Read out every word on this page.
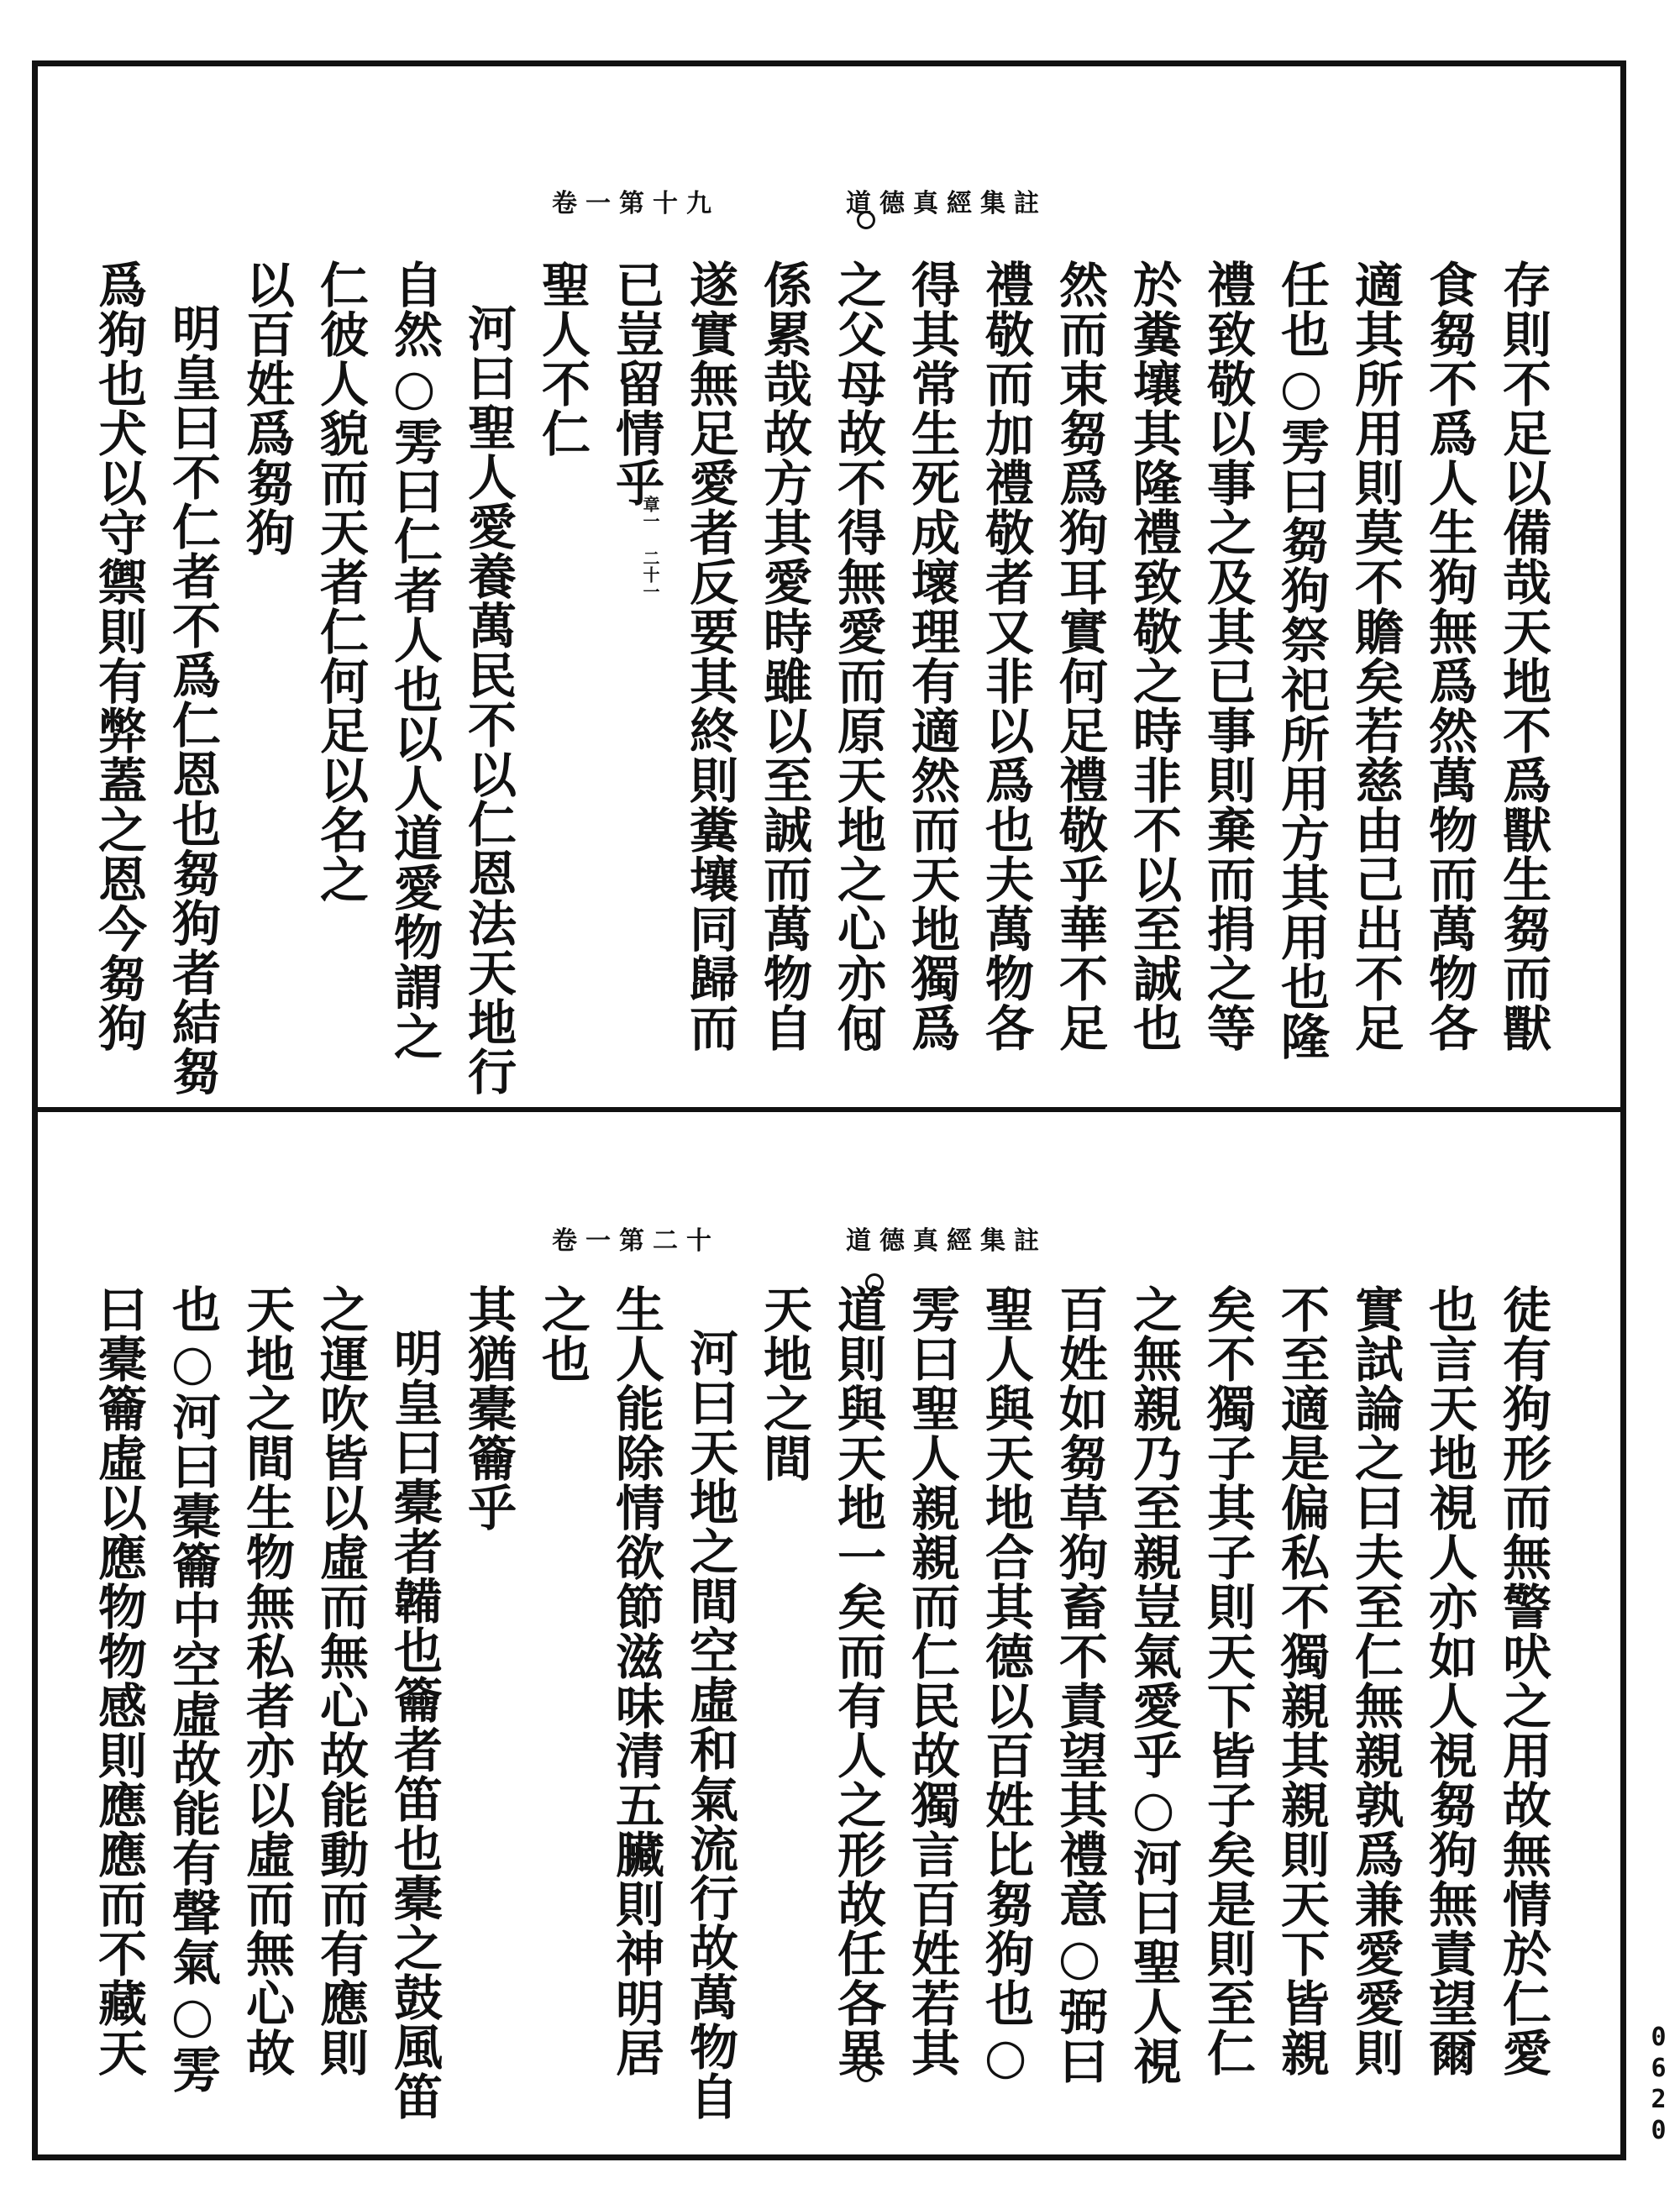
卷一第十九	道德真經集註
存則不足以備哉天地不爲獸生芻而獸
食芻不爲人生狗無爲然萬物而萬物各
適其所用則莫不贍矣若慈由己出不足
任也○雱曰芻狗祭祀所用方其用也隆
禮致敬以事之及其已事則棄而捐之等
於糞壤其隆禮致敬之時非不以至誠也
然而束芻爲狗耳實何足禮敬乎華不足
禮敬而加禮敬者又非以爲也夫萬物各
得其常生死成壞理有適然而天地獨爲
之父母故不得無愛而原天地之心亦何
係累哉故方其愛時雖以至誠而萬物自
遂實無足愛者反要其終則糞壤同歸而
已豈留情乎
聖人不仁
河曰聖人愛養萬民不以仁恩法天地行
自然○雱曰仁者人也以人道愛物謂之
仁彼人貌而天者仁何足以名之
以百姓爲芻狗
明皇曰不仁者不爲仁恩也芻狗者結芻
爲狗也犬以守禦則有弊蓋之恩今芻狗
卷一第二十	道德真經集註
徒有狗形而無警吠之用故無情於仁愛
也言天地視人亦如人視芻狗無責望爾
實試論之曰夫至仁無親孰爲兼愛愛則
不至適是偏私不獨親其親則天下皆親
矣不獨子其子則天下皆子矣是則至仁
之無親乃至親豈氣愛乎○河曰聖人視
百姓如芻草狗畜不責望其禮意○弼曰
聖人與天地合其德以百姓比芻狗也○
雱曰聖人親親而仁民故獨言百姓若其
道則與天地一矣而有人之形故任各異
天地之間
河曰天地之間空虛和氣流行故萬物自
生人能除情欲節滋味清五臟則神明居
之也
其猶橐籥乎
明皇曰橐者韛也籥者笛也橐之鼓風笛
之運吹皆以虛而無心故能動而有應則
天地之間生物無私者亦以虛而無心故
也○河曰橐籥中空虛故能有聲氣○雱
曰橐籥虛以應物物感則應應而不藏天
章一 二十一
0620
